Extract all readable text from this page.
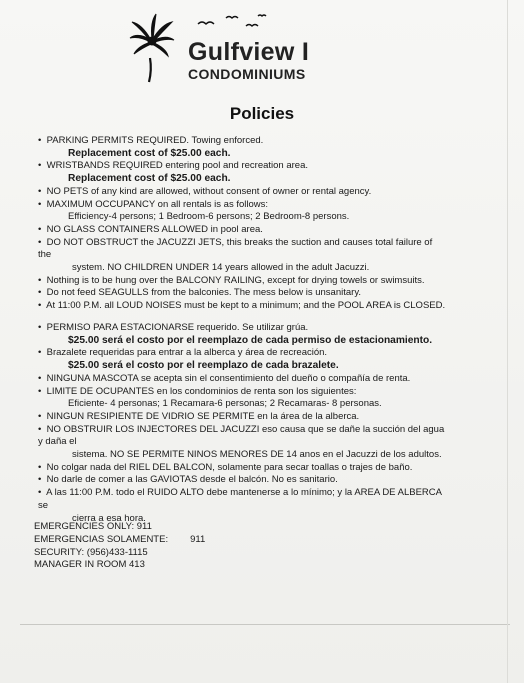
Gulfview I
CONDOMINIUMS
Policies
• PARKING PERMITS REQUIRED. Towing enforced.
Replacement cost of $25.00 each.
• WRISTBANDS REQUIRED entering pool and recreation area.
Replacement cost of $25.00 each.
• NO PETS of any kind are allowed, without consent of owner or rental agency.
• MAXIMUM OCCUPANCY on all rentals is as follows:
Efficiency-4 persons; 1 Bedroom-6 persons; 2 Bedroom-8 persons.
• NO GLASS CONTAINERS ALLOWED in pool area.
• DO NOT OBSTRUCT the JACUZZI JETS, this breaks the suction and causes total failure of the
system. NO CHILDREN UNDER 14 years allowed in the adult Jacuzzi.
• Nothing is to be hung over the BALCONY RAILING, except for drying towels or swimsuits.
• Do not feed SEAGULLS from the balconies. The mess below is unsanitary.
• At 11:00 P.M. all LOUD NOISES must be kept to a minimum; and the POOL AREA is CLOSED.
• PERMISO PARA ESTACIONARSE requerido. Se utilizar grúa.
$25.00 será el costo por el reemplazo de cada permiso de estacionamiento.
• Brazalete requeridas para entrar a la alberca y área de recreación.
$25.00 será el costo por el reemplazo de cada brazalete.
• NINGUNA MASCOTA se acepta sin el consentimiento del dueño o compañía de renta.
• LIMITE DE OCUPANTES en los condominios de renta son los siguientes:
Eficiente- 4 personas; 1 Recamara-6 personas; 2 Recamaras- 8 personas.
• NINGUN RESIPIENTE DE VIDRIO SE PERMITE en la área de la alberca.
• NO OBSTRUIR LOS INJECTORES DEL JACUZZI eso causa que se dañe la succión del agua y daña el
sistema. NO SE PERMITE NINOS MENORES DE 14 anos en el Jacuzzi de los adultos.
• No colgar nada del RIEL DEL BALCON, solamente para secar toallas o trajes de baño.
• No darle de comer a las GAVIOTAS desde el balcón. No es sanitario.
• A las 11:00 P.M. todo el RUIDO ALTO debe mantenerse a lo mínimo; y la AREA DE ALBERCA se
cierra a esa hora.
EMERGENCIES ONLY: 911
EMERGENCIAS SOLAMENTE: 911
SECURITY: (956)433-1115
MANAGER IN ROOM 413
